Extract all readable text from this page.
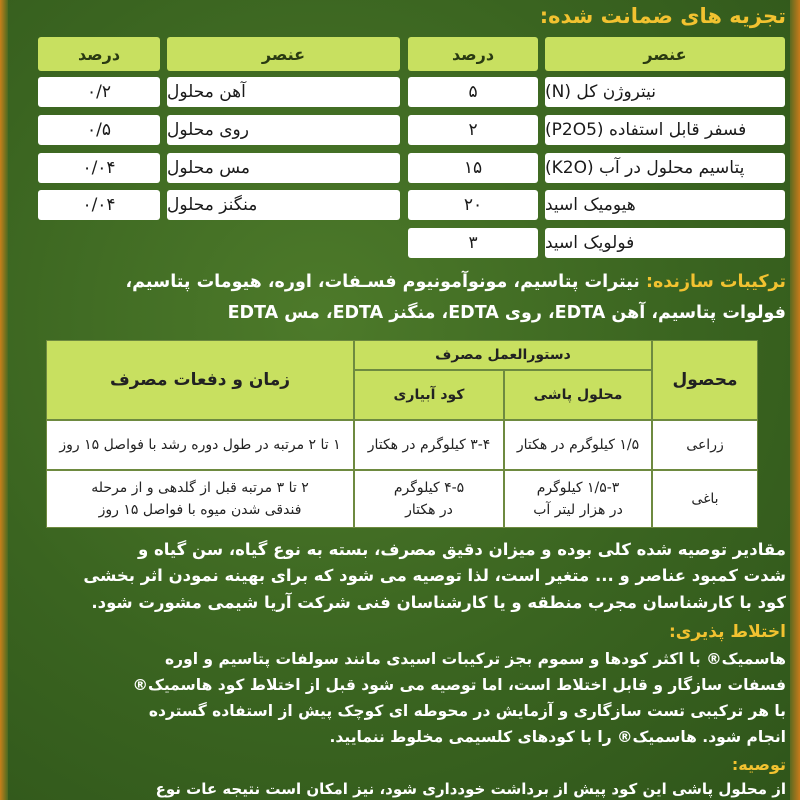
تجزیه های ضمانت شده:
عنصر
درصد
نیتروژن کل (N)
۵
فسفر قابل استفاده (P2O5)
۲
پتاسیم محلول در آب (K2O)
۱۵
هیومیک اسید
۲۰
فولویک اسید
۳
عنصر
درصد
آهن محلول
۰/۲
روی محلول
۰/۵
مس محلول
۰/۰۴
منگنز محلول
۰/۰۴
ترکیبات سازنده: نیترات پتاسیم، مونوآمونیوم فسـفات، اوره، هیومات پتاسیم،
فولوات پتاسیم، آهن EDTA، روی EDTA، منگنز EDTA، مس EDTA
محصول
دستورالعمل مصرف
محلول پاشی
کود آبیاری
زمان و دفعات مصرف
زراعی
۱/۵ کیلوگرم در هکتار
۳-۴ کیلوگرم در هکتار
۱ تا ۲ مرتبه در طول دوره رشد با فواصل ۱۵ روز
باغی
۱/۵-۳ کیلوگرم
در هزار لیتر آب
۴-۵ کیلوگرم
در هکتار
۲ تا ۳ مرتبه قبل از گلدهی و از مرحله
فندقی شدن میوه با فواصل ۱۵ روز
مقادیر توصیه شده کلی بوده و میزان دقیق مصرف، بسته به نوع گیاه، سن گیاه و
شدت کمبود عناصر و ... متغیر است، لذا توصیه می شود که برای بهینه نمودن اثر بخشی
کود با کارشناسان مجرب منطقه و یا کارشناسان فنی شرکت آریا شیمی مشورت شود.
اختلاط پذیری:
هاسمیک® با اکثر کودها و سموم بجز ترکیبات اسیدی مانند سولفات پتاسیم و اوره
فسفات سازگار و قابل اختلاط است، اما توصیه می شود قبل از اختلاط کود هاسمیک®
با هر ترکیبی تست سازگاری و آزمایش در محوطه ای کوچک پیش از استفاده گسترده
انجام شود. هاسمیک® را با کودهای کلسیمی مخلوط ننمایید.
توصیه:
از محلول پاشی این کود پیش از برداشت خودداری شود، نیز امکان است نتیجه عات نوع
